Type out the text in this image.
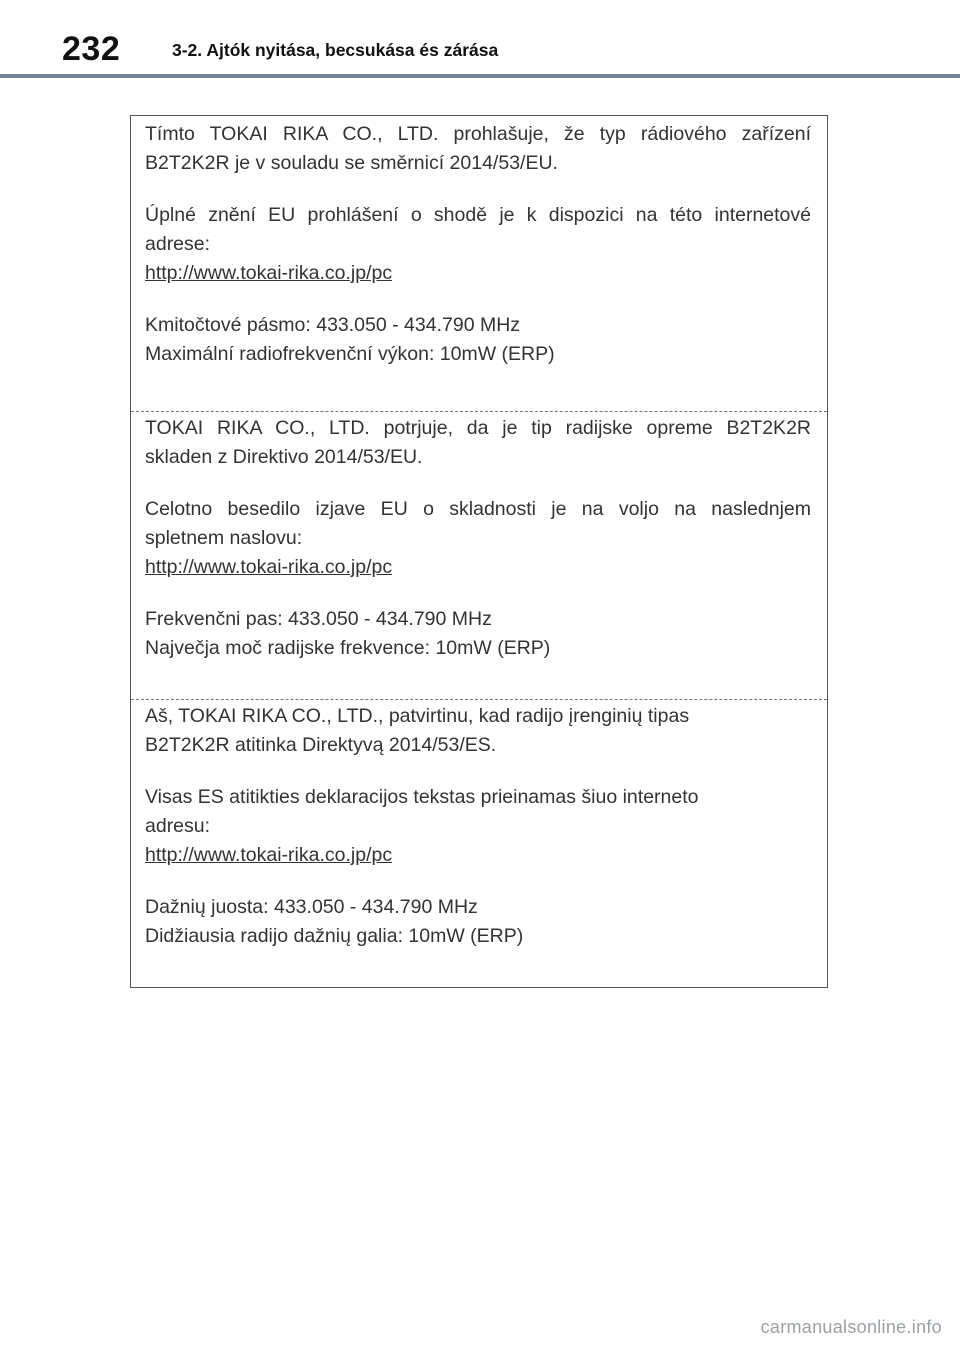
232	3-2. Ajtók nyitása, becsukása és zárása
Tímto TOKAI RIKA CO., LTD. prohlašuje, že typ rádiového zařízení
B2T2K2R je v souladu se směrnicí 2014/53/EU.
Úplné znění EU prohlášení o shodě je k dispozici na této internetové
adrese:
http://www.tokai-rika.co.jp/pc
Kmitočtové pásmo: 433.050 - 434.790 MHz
Maximální radiofrekvenční výkon: 10mW (ERP)
TOKAI RIKA CO., LTD. potrjuje, da je tip radijske opreme B2T2K2R
skladen z Direktivo 2014/53/EU.
Celotno besedilo izjave EU o skladnosti je na voljo na naslednjem
spletnem naslovu:
http://www.tokai-rika.co.jp/pc
Frekvenčni pas: 433.050 - 434.790 MHz
Največja moč radijske frekvence: 10mW (ERP)
Aš, TOKAI RIKA CO., LTD., patvirtinu, kad radijo įrenginių tipas
B2T2K2R atitinka Direktyvą 2014/53/ES.
Visas ES atitikties deklaracijos tekstas prieinamas šiuo interneto
adresu:
http://www.tokai-rika.co.jp/pc
Dažnių juosta: 433.050 - 434.790 MHz
Didžiausia radijo dažnių galia: 10mW (ERP)
carmanualsonline.info
